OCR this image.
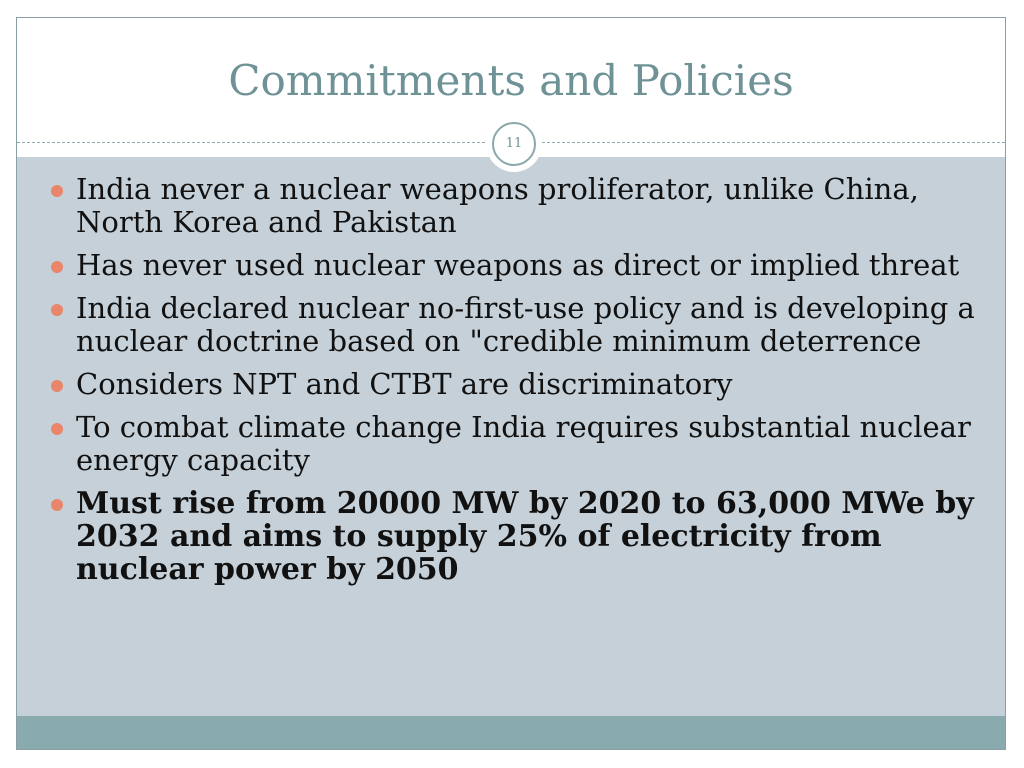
Commitments and Policies
11
India never a nuclear weapons proliferator, unlike China, North Korea and Pakistan
Has never used nuclear weapons as direct or implied threat
India declared nuclear no-first-use policy and is developing a nuclear doctrine based on "credible minimum deterrence
Considers NPT and CTBT are discriminatory
To combat climate change India requires substantial nuclear energy capacity
Must rise from 20000 MW by 2020 to 63,000 MWe by 2032 and aims to supply 25% of electricity from nuclear power by 2050
